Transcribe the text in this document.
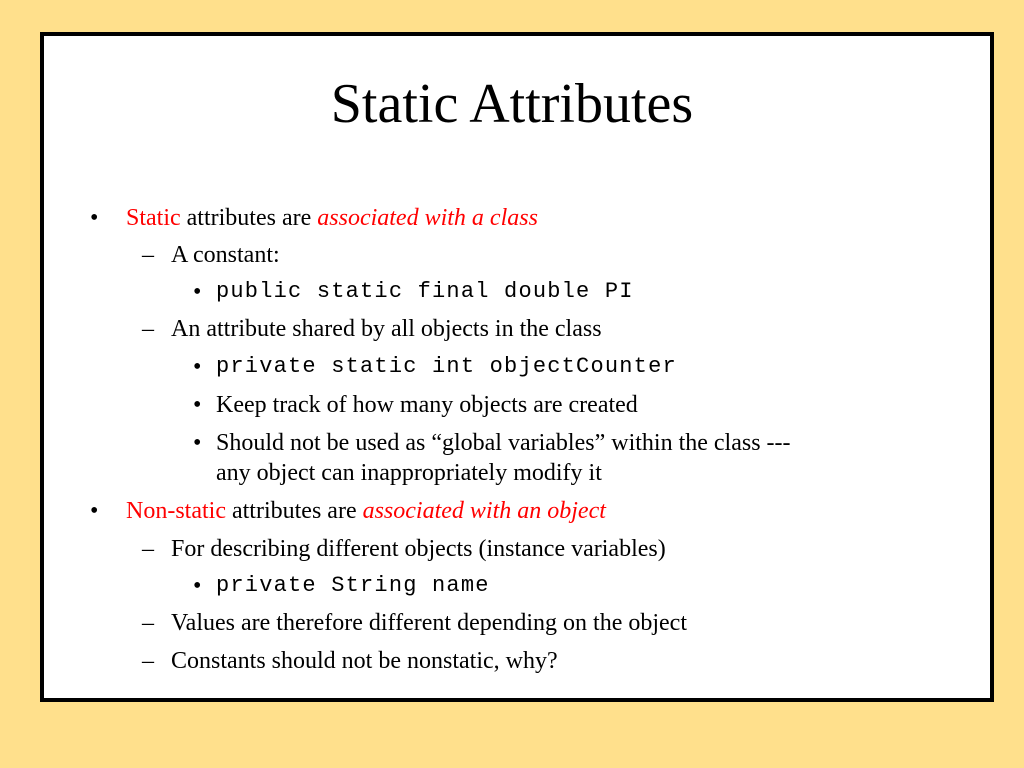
Static Attributes
• Static attributes are associated with a class
– A constant:
• public static final double PI
– An attribute shared by all objects in the class
• private static int objectCounter
• Keep track of how many objects are created
• Should not be used as “global variables” within the class ---
any object can inappropriately modify it
• Non-static attributes are associated with an object
– For describing different objects (instance variables)
• private String name
– Values are therefore different depending on the object
– Constants should not be nonstatic, why?
